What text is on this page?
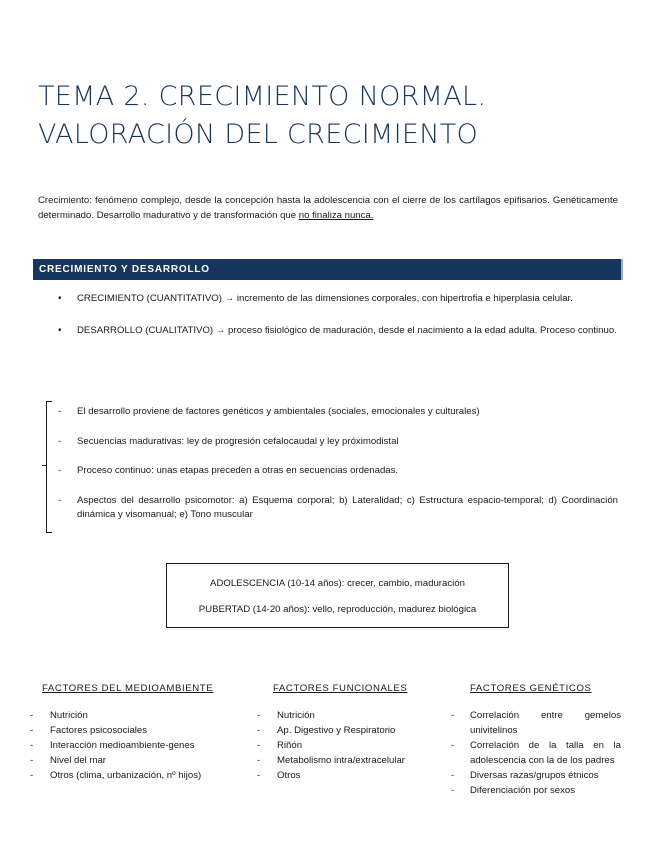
TEMA 2. CRECIMIENTO NORMAL.
VALORACIÓN DEL CRECIMIENTO
Crecimiento: fenómeno complejo, desde la concepción hasta la adolescencia con el cierre de los cartílagos epifisarios. Genéticamente determinado. Desarrollo madurativo y de transformación que no finaliza nunca.
CRECIMIENTO Y DESARROLLO
• CRECIMIENTO (CUANTITATIVO) → incremento de las dimensiones corporales, con hipertrofia e hiperplasia celular.
• DESARROLLO (CUALITATIVO) → proceso fisiológico de maduración, desde el nacimiento a la edad adulta. Proceso continuo.
- El desarrollo proviene de factores genéticos y ambientales (sociales, emocionales y culturales)
- Secuencias madurativas: ley de progresión cefalocaudal y ley próximodistal
- Proceso continuo: unas etapas preceden a otras en secuencias ordenadas.
- Aspectos del desarrollo psicomotor: a) Esquema corporal; b) Lateralidad; c) Estructura espacio-temporal; d) Coordinación dinámica y visomanual; e) Tono muscular
ADOLESCENCIA (10-14 años): crecer, cambio, maduración
PUBERTAD (14-20 años): vello, reproducción, madurez biológica
FACTORES DEL MEDIOAMBIENTE
- Nutrición
- Factores psicosociales
- Interacción medioambiente-genes
- Nivel del mar
- Otros (clima, urbanización, nº hijos)
FACTORES FUNCIONALES
- Nutrición
- Ap. Digestivo y Respiratorio
- Riñón
- Metabolismo intra/extracelular
- Otros
FACTORES GENÉTICOS
- Correlación entre gemelos univitelinos
- Correlación de la talla en la adolescencia con la de los padres
- Diversas razas/grupos étnicos
- Diferenciación por sexos
